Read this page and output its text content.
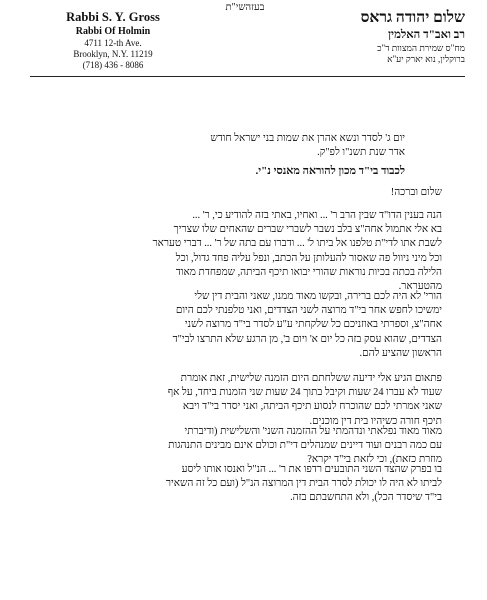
בעזהשי"ת
Rabbi S. Y. Gross
Rabbi Of Holmin
4711 12-th Ave.
Brooklyn, N.Y. 11219
(718) 436 - 8086
שלום יהודה גראס
רב ואב"ד האלמין
מח"ס שמירת המצוות ד"כ
ברוקלין, נוא יארק יע"א
יום ג' לסדר ונשא אהרן את שמות בני ישראל חודש
אדר שנת תשנ"ו לפ"ק.
לכבוד בי"ד מכון להוראה מאנסי נ"י.
שלום וברכה!
הנה בענין הדו"ד שבין הרב ר' ... ואחיו, באתי בזה להודיע כי, ר' ...
בא אלי אתמול אחה"צ בלב נשבר לשברי שברים שהאחים שלו שצריך
לשבת אתו לדי"ת טלפנו אל ביתו ל' ... ודברו עם בתה של ר' ... דברי טעראר
וכל מיני ניוול פה שאסור להעלותן על הכתב, ונפל עליה פחד גדול, וכל
הלילה בכתה בכיות נוראות שהורי יבואו תיכף הביתה, שמפחדת מאוד
מהטעראר.
הורי' לא היה לכם ברירה, ובקשו מאוד ממנו, שאני והבית דין שלי
ימשיכו לחפש אחר בי"ד מרוצה לשני הצדדים, ואני טלפנתי לכם היום
אחה"צ, וספרתי באוזניכם כל שלקחתי ע"ע לסדר בי"ד מרוצה לשני
הצדדים, שהוא עסק בזה כל יום א' ויום ב', מן הרגע שלא התרצו לבי"ד
הראשון שהציע להם.
פתאום הגיע אלי ידיעה ששלחתם היום הזמנה שלישית, זאת אומרת
שעוד לא עברו 24 שעות וקיבל בתוך 24 שעות שני הזמנות ביחד, על אף
שאני אמרתי לכם שהוכרח לנסוע תיכף הביתה, ואני יסדר בי"ד ויבא
תיכף חורה כשיהיו בית דין מוכנים.
מאוד מאוד נפלאתי ונדהמתי על ההזמנה השני' והשלישית (ודיברתי
עם כמה רבנים ועוד דיינים שמנהלים די"ת וכולם אינם מבינים התנהגות
מוזרת כזאת), וכי לזאת בי"ד יקרא?
בו בפרק שהצד השני התובעים רדפו את ר' ... הנ"ל ואנסו אותו ליסע
לביתו לא היה לו יכולת לסדר הבית דין המרוצה הנ"ל (ועם כל זה השאיר
בי"ד שיסדר הכל), ולא התחשבתם בזה.
